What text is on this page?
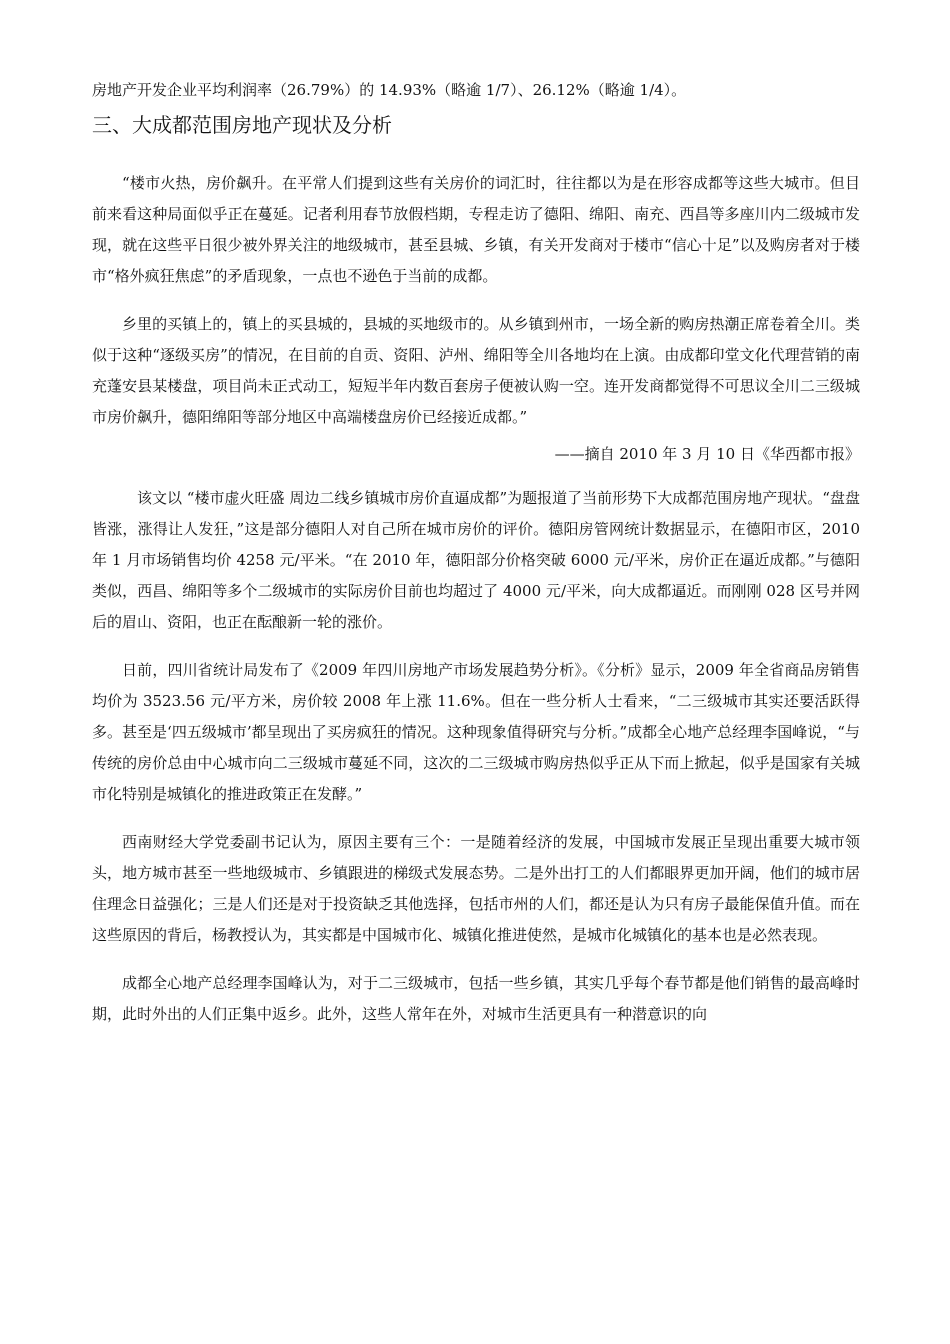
房地产开发企业平均利润率（26.79%）的 14.93%（略逾 1/7）、26.12%（略逾 1/4）。
三、大成都范围房地产现状及分析

“楼市火热，房价飙升。在平常人们提到这些有关房价的词汇时，往往都以为是在形容成都等这些大城市。但目前来看这种局面似乎正在蔓延。记者利用春节放假档期，专程走访了德阳、绵阳、南充、西昌等多座川内二级城市发现，就在这些平日很少被外界关注的地级城市，甚至县城、乡镇，有关开发商对于楼市“信心十足”以及购房者对于楼市“格外疯狂焦虑”的矛盾现象，一点也不逊色于当前的成都。

乡里的买镇上的，镇上的买县城的，县城的买地级市的。从乡镇到州市，一场全新的购房热潮正席卷着全川。类似于这种“逐级买房”的情况，在目前的自贡、资阳、泸州、绵阳等全川各地均在上演。由成都印堂文化代理营销的南充蓬安县某楼盘，项目尚未正式动工，短短半年内数百套房子便被认购一空。连开发商都觉得不可思议全川二三级城市房价飙升，德阳绵阳等部分地区中高端楼盘房价已经接近成都。”

——摘自 2010 年 3 月 10 日《华西都市报》

该文以 “楼市虚火旺盛 周边二线乡镇城市房价直逼成都”为题报道了当前形势下大成都范围房地产现状。“盘盘皆涨，涨得让人发狂，”这是部分德阳人对自己所在城市房价的评价。德阳房管网统计数据显示，在德阳市区，2010 年 1 月市场销售均价 4258 元/平米。“在 2010 年，德阳部分价格突破 6000 元/平米，房价正在逼近成都。”与德阳类似，西昌、绵阳等多个二级城市的实际房价目前也均超过了 4000 元/平米，向大成都逼近。而刚刚 028 区号并网后的眉山、资阳，也正在酝酿新一轮的涨价。

日前，四川省统计局发布了《2009 年四川房地产市场发展趋势分析》。《分析》显示，2009 年全省商品房销售均价为 3523.56 元/平方米，房价较 2008 年上涨 11.6%。但在一些分析人士看来，“二三级城市其实还要活跃得多。甚至是‘四五级城市’都呈现出了买房疯狂的情况。这种现象值得研究与分析。”成都全心地产总经理李国峰说，“与传统的房价总由中心城市向二三级城市蔓延不同，这次的二三级城市购房热似乎正从下而上掀起，似乎是国家有关城市化特别是城镇化的推进政策正在发酵。”

西南财经大学党委副书记认为，原因主要有三个：一是随着经济的发展，中国城市发展正呈现出重要大城市领头，地方城市甚至一些地级城市、乡镇跟进的梯级式发展态势。二是外出打工的人们都眼界更加开阔，他们的城市居住理念日益强化；三是人们还是对于投资缺乏其他选择，包括市州的人们，都还是认为只有房子最能保值升值。而在这些原因的背后，杨教授认为，其实都是中国城市化、城镇化推进使然，是城市化城镇化的基本也是必然表现。

成都全心地产总经理李国峰认为，对于二三级城市，包括一些乡镇，其实几乎每个春节都是他们销售的最高峰时期，此时外出的人们正集中返乡。此外，这些人常年在外，对城市生活更具有一种潜意识的向
